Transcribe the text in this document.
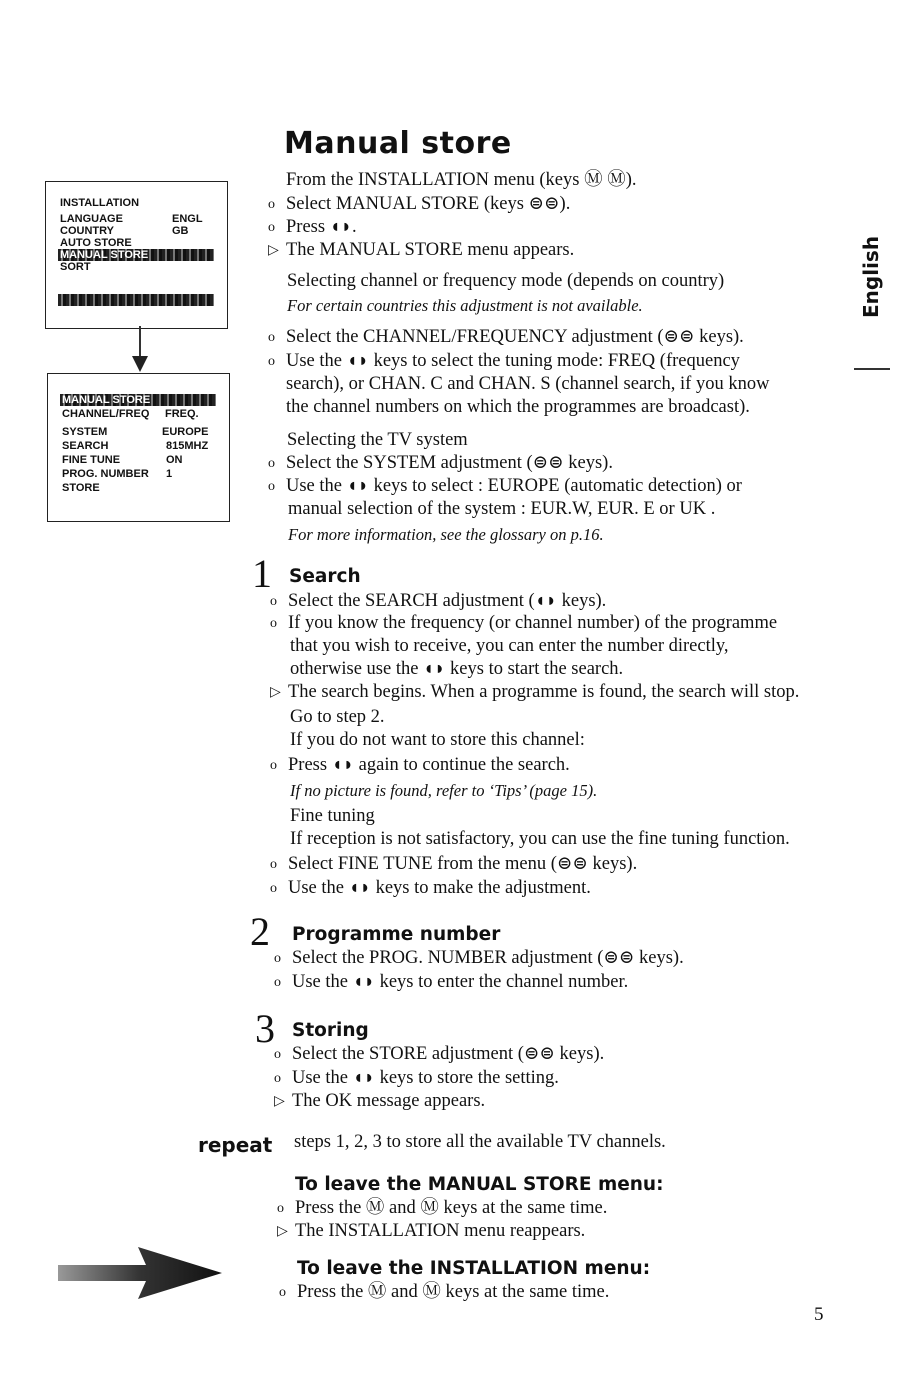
Manual store
English
INSTALLATION
LANGUAGE	ENGL
COUNTRY	GB
AUTO STORE
MANUAL STORE
SORT
MANUAL STORE
CHANNEL/FREQ FREQ.
SYSTEM	EUROPE
SEARCH	815MHZ
FINE TUNE	ON
PROG. NUMBER 1
STORE
From the INSTALLATION menu (keys Ⓜ Ⓜ).
o Select MANUAL STORE (keys ⊜⊜).
o Press ◖◗.
▷ The MANUAL STORE menu appears.
Selecting channel or frequency mode (depends on country)
For certain countries this adjustment is not available.
o Select the CHANNEL/FREQUENCY adjustment (⊜⊜ keys).
o Use the ◖◗ keys to select the tuning mode: FREQ (frequency
search), or CHAN. C and CHAN. S (channel search, if you know
the channel numbers on which the programmes are broadcast).
Selecting the TV system
o Select the SYSTEM adjustment (⊜⊜ keys).
o Use the ◖◗ keys to select : EUROPE (automatic detection) or
manual selection of the system : EUR.W, EUR. E or UK .
For more information, see the glossary on p.16.
1 Search
o Select the SEARCH adjustment (◖◗ keys).
o If you know the frequency (or channel number) of the programme
that you wish to receive, you can enter the number directly,
otherwise use the ◖◗ keys to start the search.
▷ The search begins. When a programme is found, the search will stop.
Go to step 2.
If you do not want to store this channel:
o Press ◖◗ again to continue the search.
If no picture is found, refer to ‘Tips’ (page 15).
Fine tuning
If reception is not satisfactory, you can use the fine tuning function.
o Select FINE TUNE from the menu (⊜⊜ keys).
o Use the ◖◗ keys to make the adjustment.
2 Programme number
o Select the PROG. NUMBER adjustment (⊜⊜ keys).
o Use the ◖◗ keys to enter the channel number.
3 Storing
o Select the STORE adjustment (⊜⊜ keys).
o Use the ◖◗ keys to store the setting.
▷ The OK message appears.
repeat steps 1, 2, 3 to store all the available TV channels.
To leave the MANUAL STORE menu:
o Press the Ⓜ and Ⓜ keys at the same time.
▷ The INSTALLATION menu reappears.
To leave the INSTALLATION menu:
o Press the Ⓜ and Ⓜ keys at the same time.
5
